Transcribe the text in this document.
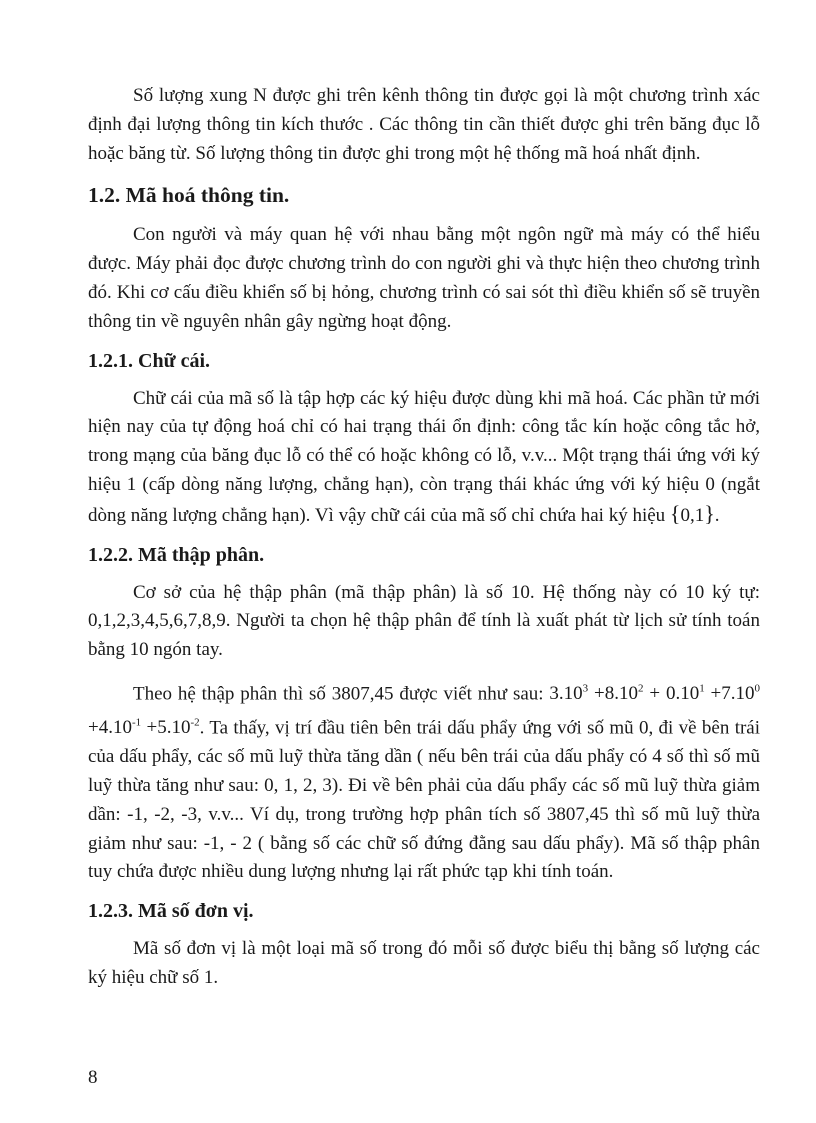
Số lượng xung N được ghi trên kênh thông tin được gọi là một chương trình xác định đại lượng thông tin kích thước . Các thông tin cần thiết được ghi trên băng đục lỗ hoặc băng từ. Số lượng thông tin được ghi trong một hệ thống mã hoá nhất định.

1.2. Mã hoá thông tin.

Con người và máy quan hệ với nhau bằng một ngôn ngữ mà máy có thể hiểu được. Máy phải đọc được chương trình do con người ghi và thực hiện theo chương trình đó. Khi cơ cấu điều khiển số bị hỏng, chương trình có sai sót thì điều khiển số sẽ truyền thông tin về nguyên nhân gây ngừng hoạt động.

1.2.1. Chữ cái.

Chữ cái của mã số là tập hợp các ký hiệu được dùng khi mã hoá. Các phần tử mới hiện nay của tự động hoá chỉ có hai trạng thái ổn định: công tắc kín hoặc công tắc hở, trong mạng của băng đục lỗ có thể có hoặc không có lỗ, v.v... Một trạng thái ứng với ký hiệu 1 (cấp dòng năng lượng, chẳng hạn), còn trạng thái khác ứng với ký hiệu 0 (ngắt dòng năng lượng chẳng hạn). Vì vậy chữ cái của mã số chỉ chứa hai ký hiệu {0,1}.

1.2.2. Mã thập phân.

Cơ sở của hệ thập phân (mã thập phân) là số 10. Hệ thống này có 10 ký tự: 0,1,2,3,4,5,6,7,8,9. Người ta chọn hệ thập phân để tính là xuất phát từ lịch sử tính toán bằng 10 ngón tay.

Theo hệ thập phân thì số 3807,45 được viết như sau: $3.10^3 +8.10^2 + 0.10^1 +7.10^0 +4.10^{-1} +5.10^{-2}$. Ta thấy, vị trí đầu tiên bên trái dấu phẩy ứng với số mũ 0, đi về bên trái của dấu phẩy, các số mũ luỹ thừa tăng dần ( nếu bên trái của dấu phẩy có 4 số thì số mũ luỹ thừa tăng như sau: 0, 1, 2, 3). Đi về bên phải của dấu phẩy các số mũ luỹ thừa giảm dần: -1, -2, -3, v.v... Ví dụ, trong trường hợp phân tích số 3807,45 thì số mũ luỹ thừa giảm như sau: -1, - 2 ( bằng số các chữ số đứng đằng sau dấu phẩy). Mã số thập phân tuy chứa được nhiều dung lượng nhưng lại rất phức tạp khi tính toán.

1.2.3. Mã số đơn vị.

Mã số đơn vị là một loại mã số trong đó mỗi số được biểu thị bằng số lượng các ký hiệu chữ số 1.

8
